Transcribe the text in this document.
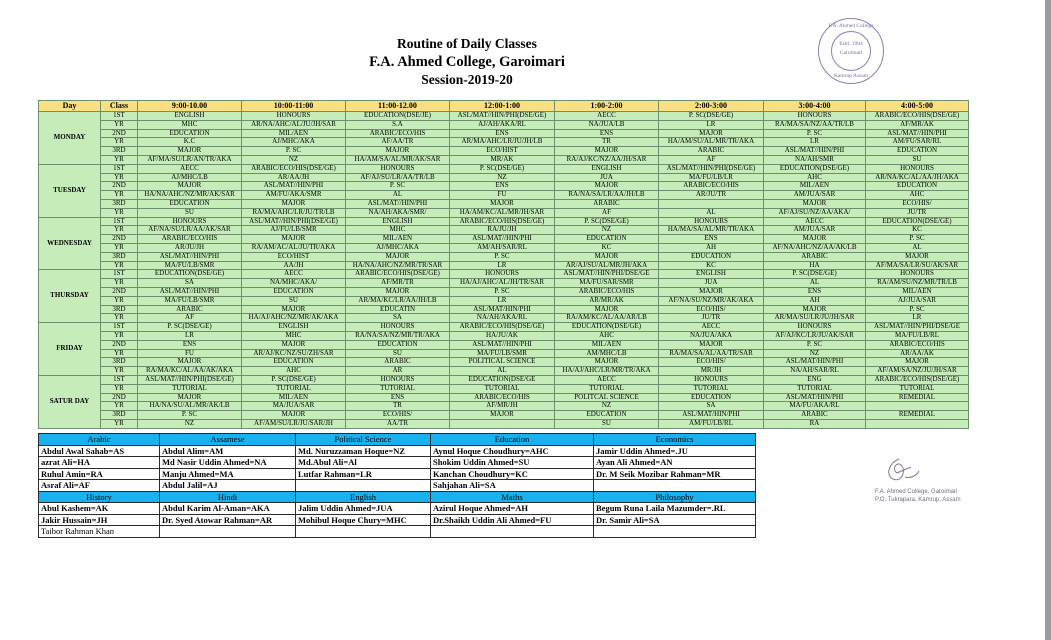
Routine of Daily Classes
F.A. Ahmed College, Garoimari
Session-2019-20
F.A. Ahmed College
Estd. 1994
Garoimari
Kamrup Assam
F.A. Ahmed College, Garoimari
P.O. Tukrapara, Kamrup, Assam
Day	Class	9:00-10.00	10:00-11:00	11:00-12.00	12:00-1:00	1:00-2:00	2:00-3:00	3:00-4:00	4:00-5:00
MONDAY	1ST	ENGLISH	HONOURS	EDUCATION(DSE/JE)	ASL/MAT//HIN/PHI(DSE/GE)	AECC	P. SC(DSE/GE)	HONOURS	ARABIC/ECO/HIS(DSE/GE)
	YR	MHC	AR/NA/AHC/AL/JU/JH/SAR	S.A	AJ/AH/AKA/RL	NA/JUA/LB	LR	RA/MA/SA/NZ/AA/TR/LB	AF/MR/AK
	2ND	EDUCATION	MIL/AEN	ARABIC/ECO/HIS	ENS	ENS	MAJOR	P. SC	ASL/MAT//HIN/PHI
	YR	K.C	AJ/MHC/AKA	AF/AA/TR	AR/MA/AHC/LR/JU/JH/LB	TR	HA/AM/SU/AL/MR/TR/AKA	LR	AM/FU/SAR/RL
	3RD	MAJOR	P. SC	MAJOR	ECO/HIST	MAJOR	ARABIC	ASL/MAT//HIN/PHI	EDUCATION
	YR	AF/MA/SU/LR/AN/TR/AKA	NZ	HA/AM/SA/AL/MR/AK/SAR	MR/AK	RA/AJ/KC/NZ/AA/JH/SAR	AF	NA/AH/SMR	SU
TUESDAY	1ST	AECC	ARABIC/ECO/HIS(DSE/GE)	HONOURS	P. SC(DSE/GE)	ENGLISH	ASL/MAT//HIN/PHI(DSE/GE)	EDUCATION(DSE/GE)	HONOURS
	YR	AJ/MHC/LB	AR/AA/JH	AF/AJ/SU/LR/AA/TR/LB	NZ	JUA	MA/FU/LB/LR	AHC	AR/NA/KC/AL/AA/JH/AKA
	2ND	MAJOR	ASL/MAT//HIN/PHI	P. SC	ENS	MAJOR	ARABIC/ECO/HIS	MIL/AEN	EDUCATION
	YR	HA/NA/AHC/NZ/MR/AK/SAR	AM/FU/AKA/SMR	AL	FU	RA/NA/SA/LR/AA/JH/LB	AR/JU/TR	AM/JUA/SAR	AHC
	3RD	EDUCATION	MAJOR	ASL/MAT//HIN/PHI	MAJOR	ARABIC		MAJOR	ECO/HIS/
	YR	SU	RA/MA/AHC/LR/JU/TR/LB	NA/AH/AKA/SMR/	HA/AM/KC/AL/MR/JH/SAR	AF	AL	AF/AJ/SU/NZ/AA/AKA/	JU/TR
WEDNESDAY	1ST	HONOURS	ASL/MAT//HIN/PHI(DSE/GE)	ENGLISH	ARABIC/ECO/HIS(DSE/GE)	P. SC(DSE/GE)	HONOURS	AECC	EDUCATION(DSE/GE)
	YR	AF/NA/SU/LR/AA/AK/SAR	AJ/FU/LB/SMR	MHC	RA/JU/JH	NZ	HA/MA/SA/AL/MR/TR/AKA	AM/JUA/SAR	KC
	2ND	ARABIC/ECO/HIS	MAJOR	MIL/AEN	ASL/MAT//HIN/PHI	EDUCATION	ENS	MAJOR	P. SC
	YR	AR/JU/JH	RA/AM/AC/AL/JU/TR/AKA	AJ/MHC/AKA	AM/AH/SAR/RL	KC	AH	AF/NA/AHC/NZ/AA/AK/LB	AL
	3RD	ASL/MAT//HIN/PHI	ECO/HIST	MAJOR	P. SC	MAJOR	EDUCATION	ARABIC	MAJOR
	YR	MA/FU/LB/SMR	AA/JH	HA/NA/AHC/NZ/MR/TR/SAR	LR	AR/AJ/SU/AL/MR/JH/AKA	KC	HA	AF/MA/SA/LR/SU/AK/SAR
THURSDAY	1ST	EDUCATION(DSE/GE)	AECC	ARABIC/ECO/HIS(DSE/GE)	HONOURS	ASL/MAT//HIN/PHI/DSE/GE	ENGLISH	P. SC(DSE/GE)	HONOURS
	YR	SA	NA/MHC/AKA/	AF/MR/TR	HA/AJ/AHC/AL/JH/TR/SAR	MA/FU/SAR/SMR	JUA	AL	RA/AM/SU/NZ/MR/TR/LB
	2ND	ASL/MAT//HIN/PHI	EDUCATION	MAJOR	P. SC	ARABIC/ECO/HIS	MAJOR	ENS	MIL/AEN
	YR	MA/FU/LB/SMR	SU	AR/MA/KC/LR/AA/JH/LB	LR	AR/MR/AK	AF/NA/SU/NZ/MR/AK/AKA	AH	AJ/JUA/SAR
	3RD	ARABIC	MAJOR	EDUCATIN	ASL/MAT/HIN/PHI	MAJOR	ECO/HIS/	MAJOR	P. SC
	YR	AF	HA/AJ/AHC/NZ/MR/AK/AKA	SA	NA/AH/AKA/RL	RA/AM/KC/AL/AA/AR/LB	JU/TR	AR/MA/SU/LR/JU/JH/SAR	LR
FRIDAY	1ST	P. SC(DSE/GE)	ENGLISH	HONOURS	ARABIC/ECO/HIS(DSE/GE)	EDUCATION(DSE/GE)	AECC	HONOURS	ASL/MAT//HIN/PHI/DSE/GE
	YR	LR	MHC	RA/NA/SA/NZ/MR/TR/AKA	HA/JU/AK	AHC	NA/JUA/AKA	AF/AJ/KC/LR/JU/AK/SAR	MA/FU/LB/RL
	2ND	ENS	MAJOR	EDUCATION	ASL/MAT//HIN/PHI	MIL/AEN	MAJOR	P. SC	ARABIC/ECO/HIS
	YR	FU	AR/AJ/KC/NZ/SU/ZH/SAR	SU	MA/FU/LB/SMR	AM/MHC/LB	RA/MA/SA/AL/AA/TR/SAR	NZ	AR/AA/AK
	3RD	MAJOR	EDUCATION	ARABIC	POLITICAL SCIENCE	MAJOR	ECO/HIS/	ASL/MAT/HIN/PHI	MAJOR
	YR	RA/MA/KC/AL/AA/AK/AKA	AHC	AR	AL	HA/AJ/AHC/LR/MR/TR/AKA	MR/JH	NA/AH/SAR/RL	AF/AM/SA/NZ/JU/JH/SAR
SATUR DAY	1ST	ASL/MAT//HIN/PHI(DSE/GE)	P. SC(DSE/GE)	HONOURS	EDUCATION(DSE/GE	AECC	HONOURS	ENG	ARABIC/ECO/HIS(DSE/GE)
	YR	TUTORIAL	TUTORIAL	TUTORIAL	TUTORIAL	TUTORIAL	TUTORIAL	TUTORIAL	TUTORIAL
	2ND	MAJOR	MIL/AEN	ENS	ARABIC/ECO/HIS	POLITCAL SCIENCE	EDUCATION	ASL/MAT/HIN/PHI	REMEDIAL
	YR	HA/NA/SU/AL/MR/AK/LB	MA/JUA/SAR	TR	AF/MR/JH	NZ	SA	MA/FU/AKA/RL	
	3RD	P. SC	MAJOR	ECO/HIS/	MAJOR	EDUCATION	ASL/MAT/HIN/PHI	ARABIC	REMEDIAL
	YR	NZ	AF/AM/SU/LR/JU/SAR/JH	AA/TR		SU	AM/FU/LB/RL	RA	
Arabic	Assamese	Political Science	Education	Economics
Abdul Awal Sahab=AS	Abdul Alim=AM	Md. Nuruzzaman Hoque=NZ	Aynul Hoque Choudhury=AHC	Jamir Uddin Ahmed=.JU
azrat Ali=HA	Md Nasir Uddin Ahmed=NA	Md.Abul Ali=Al	Shokim Uddin Ahmed=SU	Ayan Ali Ahmed=AN
Ruhul Amin=RA	Manju Ahmed=MA	Lutfar Rahman=LR	Kanchan Choudhury=KC	Dr. M Seik Mozibar Rahman=MR
Asraf Ali=AF	Abdul Jalil=AJ		Sahjahan Ali=SA	
History	Hindi	English	Maths	Philosophy
Abul Kashem=AK	Abdul Karim Al-Aman=AKA	Jalim Uddin Ahmed=JUA	Azirul Hoque Ahmed=AH	Begum Runa Laila Mazumder=.RL
Jakir Hussain=JH	Dr. Syed Atowar Rahman=AR	Mohibul Hoque Chury=MHC	Dr.Shaikh Uddin Ali Ahmed=FU	Dr. Samir Ali=SA
Taibor Rahman Khan				
